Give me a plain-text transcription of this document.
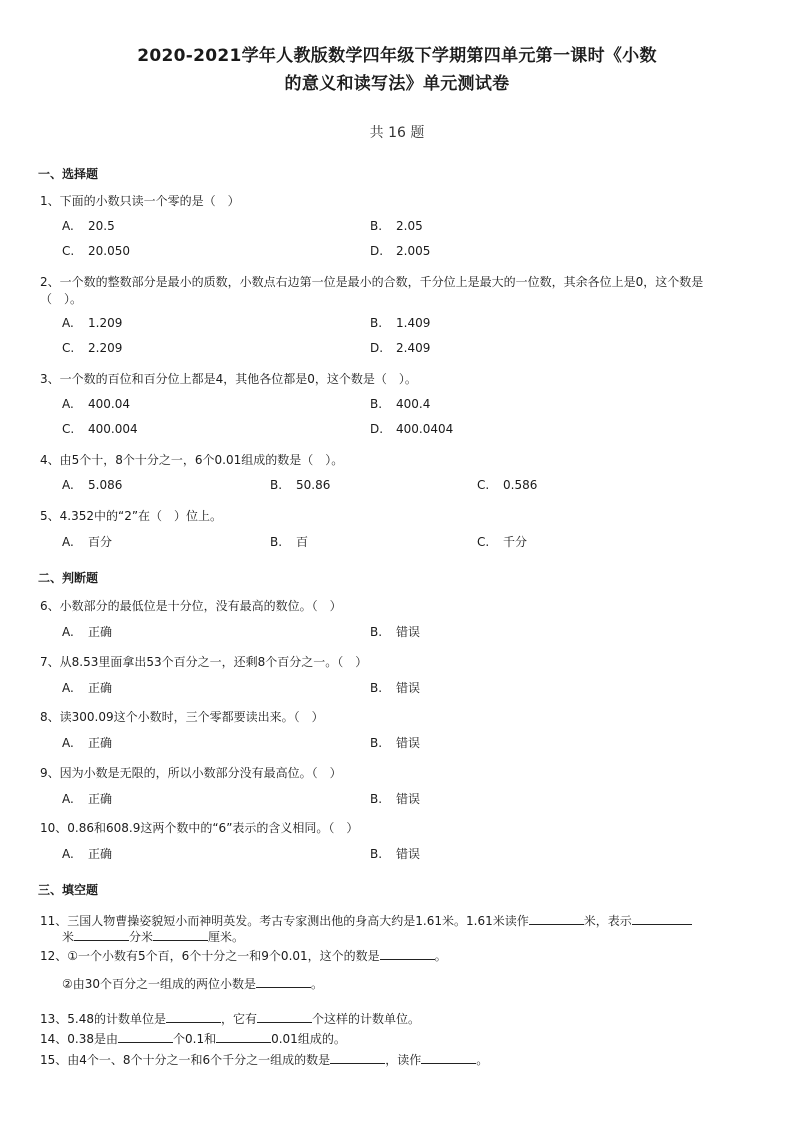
2020-2021学年人教版数学四年级下学期第四单元第一课时《小数
的意义和读写法》单元测试卷
共 16 题
一、选择题
1、下面的小数只读一个零的是（　）
A. 20.5	B. 2.05
C. 20.050	D. 2.005
2、一个数的整数部分是最小的质数，小数点右边第一位是最小的合数，千分位上是最大的一位数，其余各位上是0，这个数是（　）。
A. 1.209	B. 1.409
C. 2.209	D. 2.409
3、一个数的百位和百分位上都是4，其他各位都是0，这个数是（　）。
A. 400.04	B. 400.4
C. 400.004	D. 400.0404
4、由5个十，8个十分之一，6个0.01组成的数是（　）。
A. 5.086	B. 50.86	C. 0.586
5、4.352中的“2”在（　）位上。
A. 百分	B. 百	C. 千分
二、判断题
6、小数部分的最低位是十分位，没有最高的数位。（　）
A. 正确	B. 错误
7、从8.53里面拿出53个百分之一，还剩8个百分之一。（　）
A. 正确	B. 错误
8、读300.09这个小数时，三个零都要读出来。（　）
A. 正确	B. 错误
9、因为小数是无限的，所以小数部分没有最高位。（　）
A. 正确	B. 错误
10、0.86和608.9这两个数中的“6”表示的含义相同。（　）
A. 正确	B. 错误
三、填空题
11、三国人物曹操姿貌短小而神明英发。考古专家测出他的身高大约是1.61米。1.61米读作	米，表示
米	分米	厘米。
12、①一个小数有5个百，6个十分之一和9个0.01，这个的数是	。
②由30个百分之一组成的两位小数是	。
13、5.48的计数单位是	，它有	个这样的计数单位。
14、0.38是由	个0.1和	0.01组成的。
15、由4个一、8个十分之一和6个千分之一组成的数是	，读作	。
